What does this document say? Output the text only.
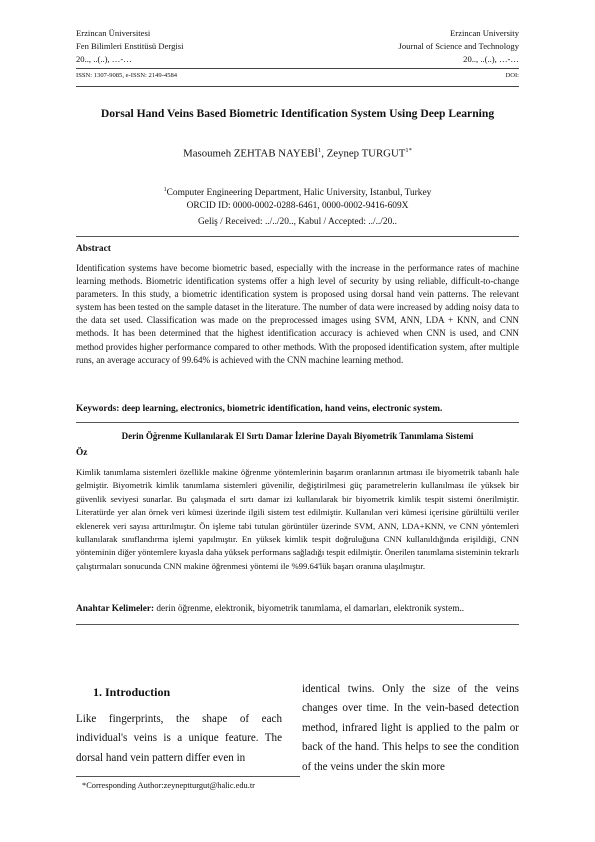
Erzincan Üniversitesi
Fen Bilimleri Enstitüsü Dergisi
20.., ..(..), …-…
Erzincan University
Journal of Science and Technology
20.., ..(..), …-…
ISSN: 1307-9085, e-ISSN: 2149-4584	DOI:
Dorsal Hand Veins Based Biometric Identification System Using Deep Learning
Masoumeh ZEHTAB NAYEBİ$^1$, Zeynep $TURGUT^{1*}$
$^1$Computer Engineering Department, Halic University, Istanbul, Turkey
ORCID ID: 0000-0002-0288-6461, 0000-0002-9416-609X
Geliş / Received: ../../20.., Kabul / Accepted: ../../20..
Abstract
Identification systems have become biometric based, especially with the increase in the performance rates of machine learning methods. Biometric identification systems offer a high level of security by using reliable, difficult-to-change parameters. In this study, a biometric identification system is proposed using dorsal hand vein patterns. The relevant system has been tested on the sample dataset in the literature. The number of data were increased by adding noisy data to the data set used. Classification was made on the preprocessed images using SVM, ANN, LDA + KNN, and CNN methods. It has been determined that the highest identification accuracy is achieved when CNN is used, and CNN method provides higher performance compared to other methods. With the proposed identification system, after multiple runs, an average accuracy of 99.64% is achieved with the CNN machine learning method.
Keywords: deep learning, electronics, biometric identification, hand veins, electronic system.
Derin Öğrenme Kullanılarak El Sırtı Damar İzlerine Dayalı Biyometrik Tanımlama Sistemi
Öz
Kimlik tanımlama sistemleri özellikle makine öğrenme yöntemlerinin başarım oranlarının artması ile biyometrik tabanlı hale gelmiştir. Biyometrik kimlik tanımlama sistemleri güvenilir, değiştirilmesi güç parametrelerin kullanılması ile yüksek bir güvenlik seviyesi sunarlar. Bu çalışmada el sırtı damar izi kullanılarak bir biyometrik kimlik tespit sistemi önerilmiştir. Literatürde yer alan örnek veri kümesi üzerinde ilgili sistem test edilmiştir. Kullanılan veri kümesi içerisine gürültülü veriler eklenerek veri sayısı arttırılmıştır. Ön işleme tabi tutulan görüntüler üzerinde SVM, ANN, LDA+KNN, ve CNN yöntemleri kullanılarak sınıflandırma işlemi yapılmıştır. En yüksek kimlik tespit doğruluğuna CNN kullanıldığında erişildiği, CNN yönteminin diğer yöntemlere kıyasla daha yüksek performans sağladığı tespit edilmiştir. Önerilen tanımlama sisteminin tekrarlı çalıştırmaları sonucunda CNN makine öğrenmesi yöntemi ile %99.64'lük başarı oranına ulaşılmıştır.
Anahtar Kelimeler: derin öğrenme, elektronik, biyometrik tanımlama, el damarları, elektronik system..
1. Introduction
Like fingerprints, the shape of each individual's veins is a unique feature. The dorsal hand vein pattern differ even in
identical twins. Only the size of the veins changes over time. In the vein-based detection method, infrared light is applied to the palm or back of the hand. This helps to see the condition of the veins under the skin more
*Corresponding Author:zeyneptturgut@halic.edu.tr
